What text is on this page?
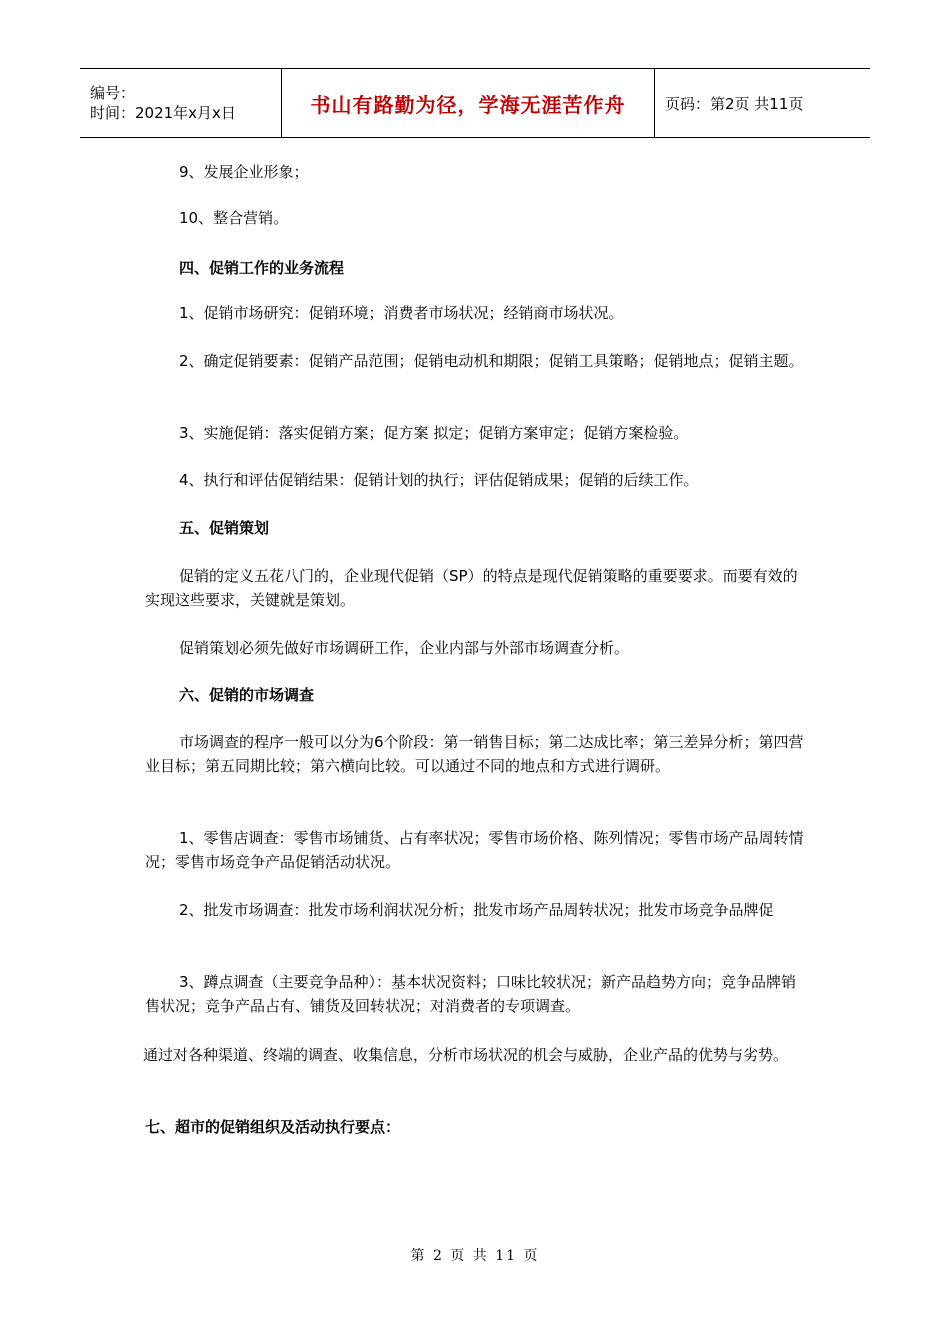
编号：
时间：2021年x月x日	书山有路勤为径，学海无涯苦作舟	页码：第2页 共11页
9、发展企业形象；
10、整合营销。
四、促销工作的业务流程
1、促销市场研究：促销环境；消费者市场状况；经销商市场状况。
2、确定促销要素：促销产品范围；促销电动机和期限；促销工具策略；促销地点；促销主题。
3、实施促销：落实促销方案；促方案 拟定；促销方案审定；促销方案检验。
4、执行和评估促销结果：促销计划的执行；评估促销成果；促销的后续工作。
五、促销策划
促销的定义五花八门的，企业现代促销（SP）的特点是现代促销策略的重要要求。而要有效的实现这些要求，关键就是策划。
促销策划必须先做好市场调研工作，企业内部与外部市场调查分析。
六、促销的市场调查
市场调查的程序一般可以分为6个阶段：第一销售目标；第二达成比率；第三差异分析；第四营业目标；第五同期比较；第六横向比较。可以通过不同的地点和方式进行调研。
1、零售店调查：零售市场铺货、占有率状况；零售市场价格、陈列情况；零售市场产品周转情况；零售市场竞争产品促销活动状况。
2、批发市场调查：批发市场利润状况分析；批发市场产品周转状况；批发市场竞争品牌促
3、蹲点调查（主要竞争品种）：基本状况资料；口味比较状况；新产品趋势方向；竞争品牌销售状况；竞争产品占有、铺货及回转状况；对消费者的专项调查。
通过对各种渠道、终端的调查、收集信息，分析市场状况的机会与威胁，企业产品的优势与劣势。
七、超市的促销组织及活动执行要点：
第 2 页 共 11 页
